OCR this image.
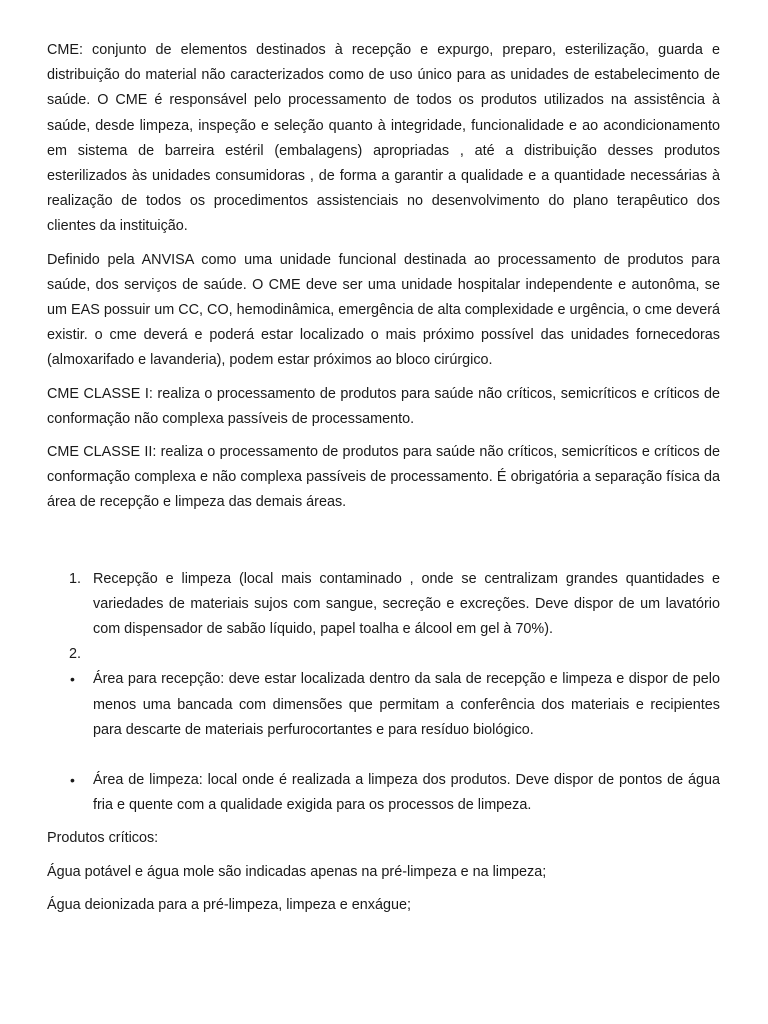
CME: conjunto de elementos destinados à recepção e expurgo, preparo, esterilização, guarda e distribuição do material não caracterizados como de uso único para as unidades de estabelecimento de saúde. O CME é responsável pelo processamento de todos os produtos utilizados na assistência à saúde, desde limpeza, inspeção e seleção quanto à integridade, funcionalidade e ao acondicionamento em sistema de barreira estéril (embalagens) apropriadas , até a distribuição desses produtos esterilizados às unidades consumidoras , de forma a garantir a qualidade e a quantidade necessárias à realização de todos os procedimentos assistenciais no desenvolvimento do plano terapêutico dos clientes da instituição.

Definido pela ANVISA como uma unidade funcional destinada ao processamento de produtos para saúde, dos serviços de saúde. O CME deve ser uma unidade hospitalar independente e autonôma, se um EAS possuir um CC, CO, hemodinâmica, emergência de alta complexidade e urgência, o cme deverá existir. o cme deverá e poderá estar localizado o mais próximo possível das unidades fornecedoras (almoxarifado e lavanderia), podem estar próximos ao bloco cirúrgico.

CME CLASSE I: realiza o processamento de produtos para saúde não críticos, semicríticos e críticos de conformação não complexa passíveis de processamento.

CME CLASSE II: realiza o processamento de produtos para saúde não críticos, semicríticos e críticos de conformação complexa e não complexa passíveis de processamento. É obrigatória a separação física da área de recepção e limpeza das demais áreas.

1. Recepção e limpeza (local mais contaminado , onde se centralizam grandes quantidades e variedades de materiais sujos com sangue, secreção e excreções. Deve dispor de um lavatório com dispensador de sabão líquido, papel toalha e álcool em gel à 70%).
2.

• Área para recepção: deve estar localizada dentro da sala de recepção e limpeza e dispor de pelo menos uma bancada com dimensões que permitam a conferência dos materiais e recipientes para descarte de materiais perfurocortantes e para resíduo biológico.
• Área de limpeza: local onde é realizada a limpeza dos produtos. Deve dispor de pontos de água fria e quente com a qualidade exigida para os processos de limpeza.

Produtos críticos:

Água potável e água mole são indicadas apenas na pré-limpeza e na limpeza;

Água deionizada para a pré-limpeza, limpeza e enxágue;
